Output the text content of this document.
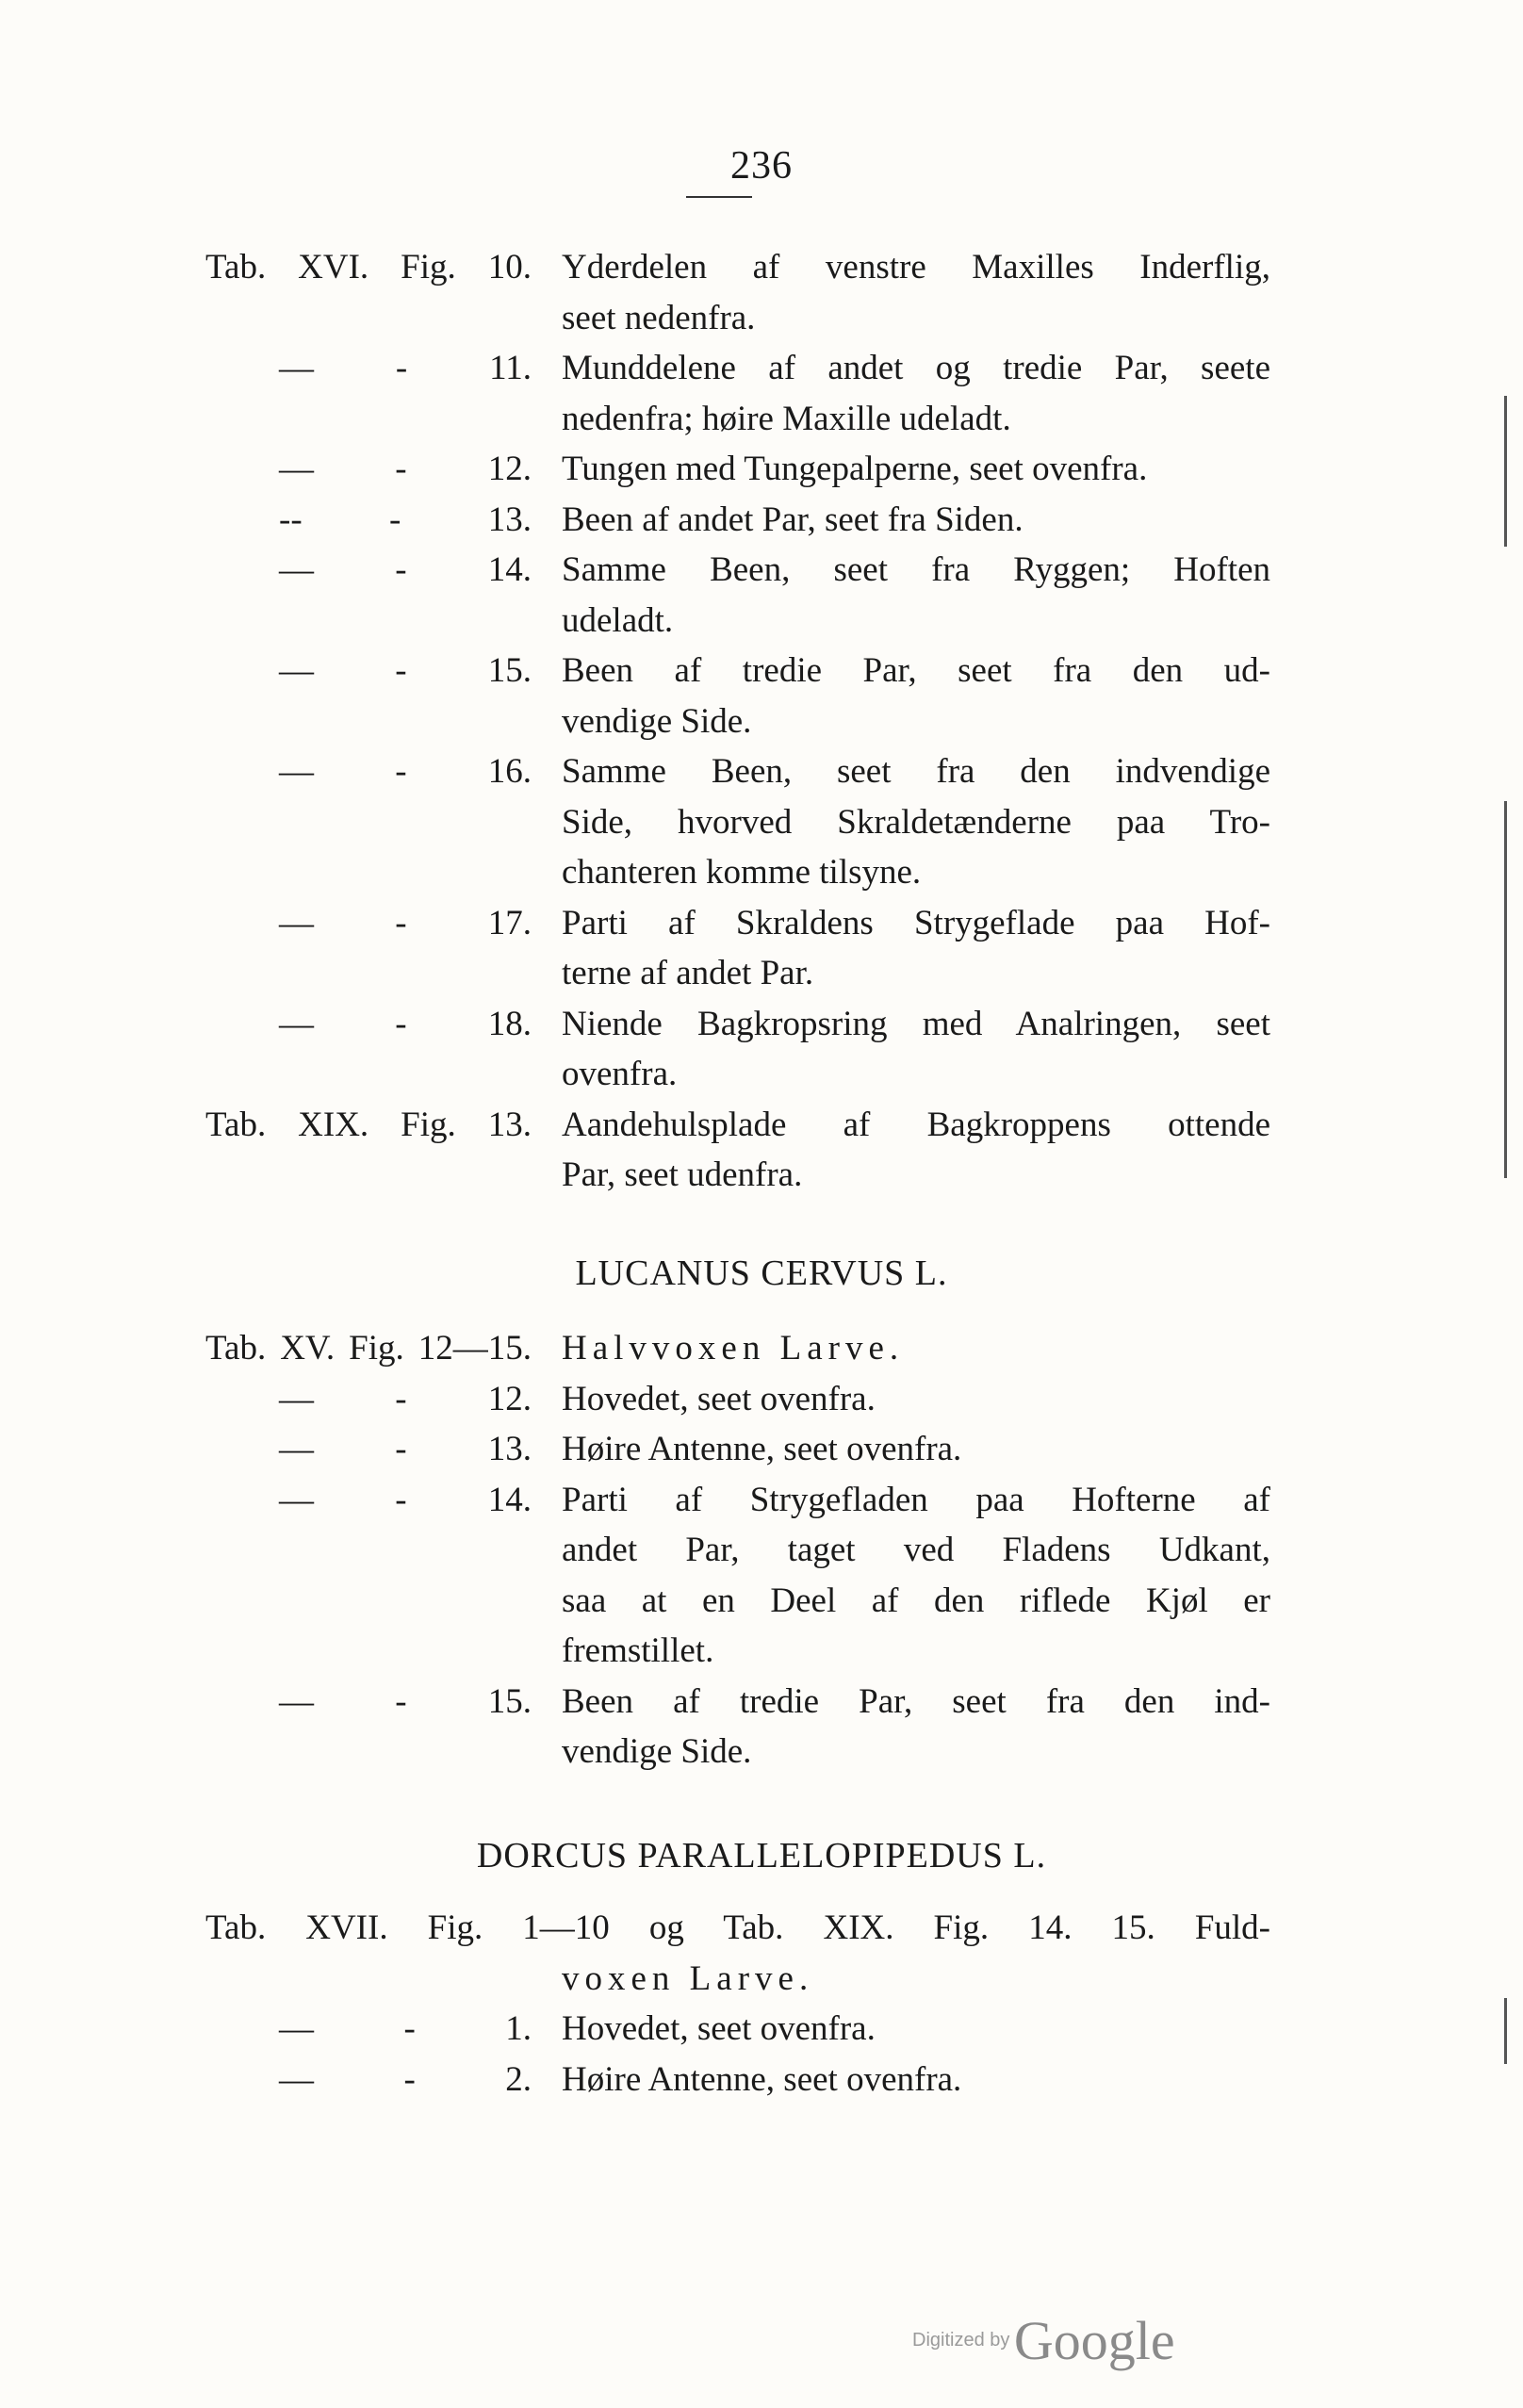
236
Tab. XVI. Fig. 10. Yderdelen af venstre Maxilles Inderflig,
seet nedenfra.
— - 11. Munddelene af andet og tredie Par, seete
nedenfra; høire Maxille udeladt.
— - 12. Tungen med Tungepalperne, seet ovenfra.
-- - 13. Been af andet Par, seet fra Siden.
— - 14. Samme Been, seet fra Ryggen; Hoften
udeladt.
— - 15. Been af tredie Par, seet fra den ud-
vendige Side.
— - 16. Samme Been, seet fra den indvendige
Side, hvorved Skraldetænderne paa Tro-
chanteren komme tilsyne.
— - 17. Parti af Skraldens Strygeflade paa Hof-
terne af andet Par.
— - 18. Niende Bagkropsring med Analringen, seet
ovenfra.
Tab. XIX. Fig. 13. Aandehulsplade af Bagkroppens ottende
Par, seet udenfra.
LUCANUS CERVUS L.
Tab. XV. Fig. 12—15. Halvvoxen Larve.
— - 12. Hovedet, seet ovenfra.
— - 13. Høire Antenne, seet ovenfra.
— - 14. Parti af Strygefladen paa Hofterne af
andet Par, taget ved Fladens Udkant,
saa at en Deel af den riflede Kjøl er
fremstillet.
— - 15. Been af tredie Par, seet fra den ind-
vendige Side.
DORCUS PARALLELOPIPEDUS L.
Tab. XVII. Fig. 1—10 og Tab. XIX. Fig. 14. 15. Fuld-
voxen Larve.
—	-	1. Hovedet, seet ovenfra.
—	-	2. Høire Antenne, seet ovenfra.
Digitized by Google
